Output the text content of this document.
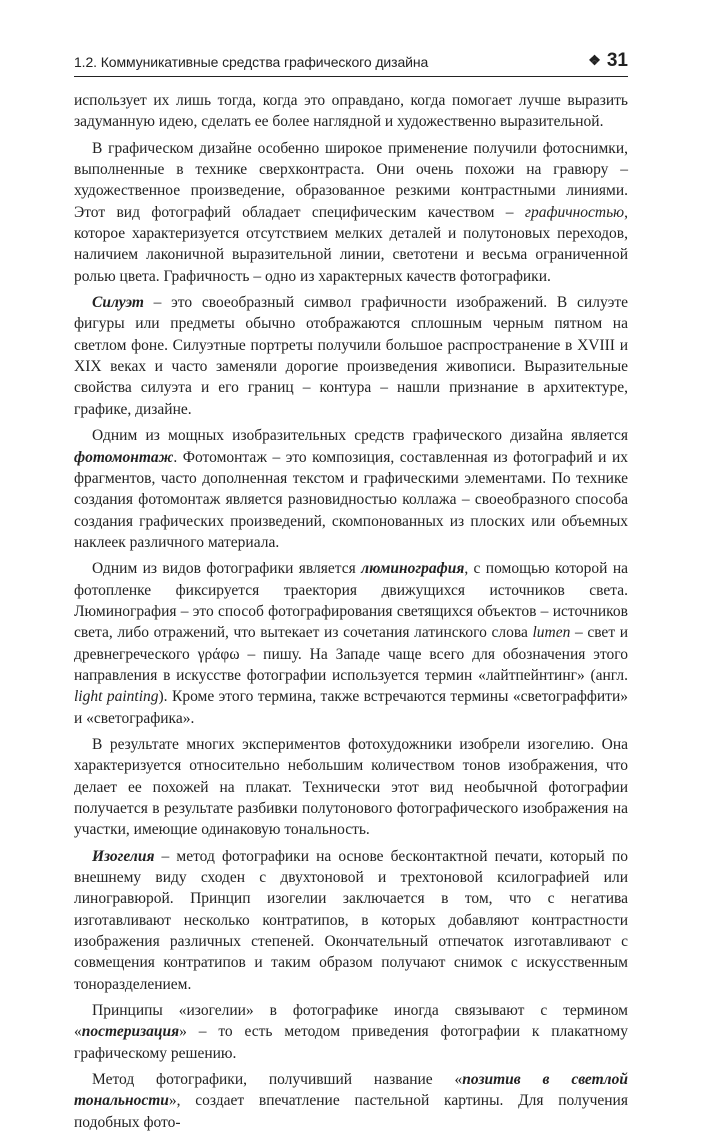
1.2. Коммуникативные средства графического дизайна	❖ 31

использует их лишь тогда, когда это оправдано, когда помогает лучше выразить задуманную идею, сделать ее более наглядной и художественно выразительной.

В графическом дизайне особенно широкое применение получили фотоснимки, выполненные в технике сверхконтраста. Они очень похожи на гравюру – художественное произведение, образованное резкими контрастными линиями. Этот вид фотографий обладает специфическим качеством – графичностью, которое характеризуется отсутствием мелких деталей и полутоновых переходов, наличием лаконичной выразительной линии, светотени и весьма ограниченной ролью цвета. Графичность – одно из характерных качеств фотографики.

Силуэт – это своеобразный символ графичности изображений. В силуэте фигуры или предметы обычно отображаются сплошным черным пятном на светлом фоне. Силуэтные портреты получили большое распространение в XVIII и XIX веках и часто заменяли дорогие произведения живописи. Выразительные свойства силуэта и его границ – контура – нашли признание в архитектуре, графике, дизайне.

Одним из мощных изобразительных средств графического дизайна является фотомонтаж. Фотомонтаж – это композиция, составленная из фотографий и их фрагментов, часто дополненная текстом и графическими элементами. По технике создания фотомонтаж является разновидностью коллажа – своеобразного способа создания графических произведений, скомпонованных из плоских или объемных наклеек различного материала.

Одним из видов фотографики является люминография, с помощью которой на фотопленке фиксируется траектория движущихся источников света. Люминография – это способ фотографирования светящихся объектов – источников света, либо отражений, что вытекает из сочетания латинского слова lumen – свет и древнегреческого γράφω – пишу. На Западе чаще всего для обозначения этого направления в искусстве фотографии используется термин «лайтпейнтинг» (англ. light painting). Кроме этого термина, также встречаются термины «светограффити» и «светографика».

В результате многих экспериментов фотохудожники изобрели изогелию. Она характеризуется относительно небольшим количеством тонов изображения, что делает ее похожей на плакат. Технически этот вид необычной фотографии получается в результате разбивки полутонового фотографического изображения на участки, имеющие одинаковую тональность.

Изогелия – метод фотографики на основе бесконтактной печати, который по внешнему виду сходен с двухтоновой и трехтоновой ксилографией или линогравюрой. Принцип изогелии заключается в том, что с негатива изготавливают несколько контратипов, в которых добавляют контрастности изображения различных степеней. Окончательный отпечаток изготавливают с совмещения контратипов и таким образом получают снимок с искусственным тоноразделением.

Принципы «изогелии» в фотографике иногда связывают с термином «постеризация» – то есть методом приведения фотографии к плакатному графическому решению.

Метод фотографики, получивший название «позитив в светлой тональности», создает впечатление пастельной картины. Для получения подобных фото-
